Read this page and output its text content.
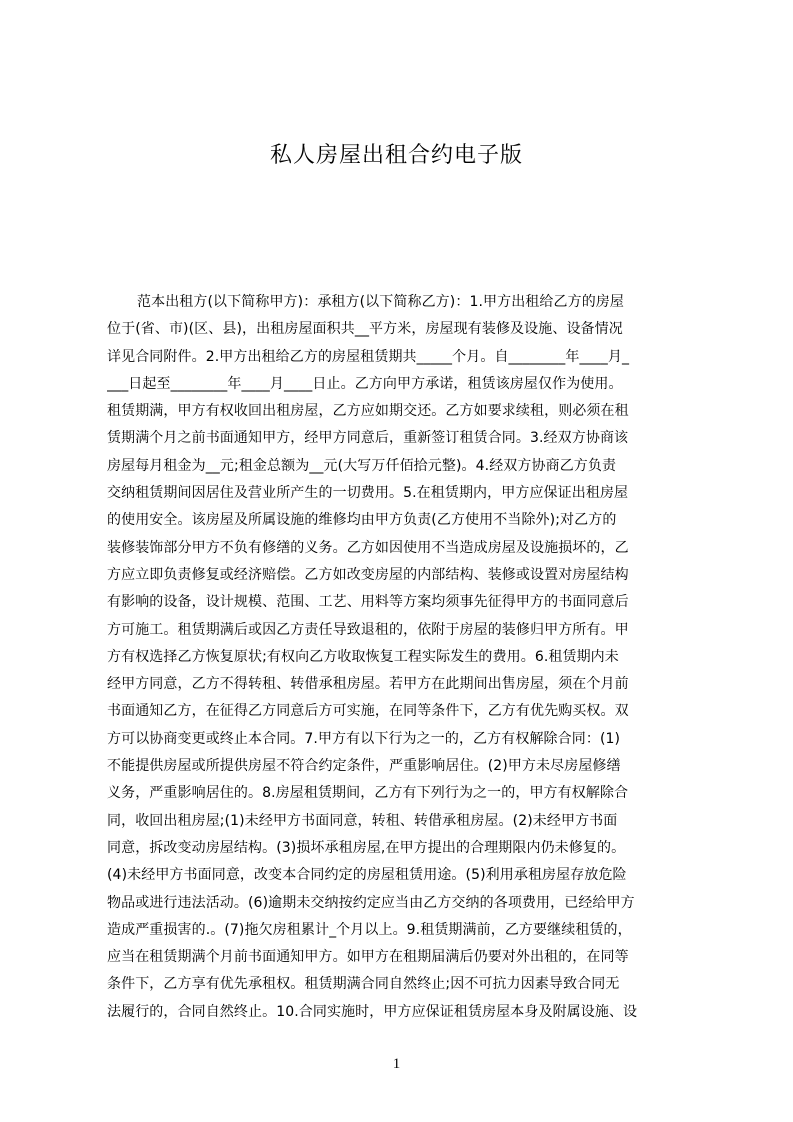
私人房屋出租合约电子版
范本出租方(以下简称甲方)：承租方(以下简称乙方)：1.甲方出租给乙方的房屋
位于(省、市)(区、县)，出租房屋面积共__平方米，房屋现有装修及设施、设备情况
详见合同附件。2.甲方出租给乙方的房屋租赁期共_____个月。自________年____月_
___日起至________年____月____日止。乙方向甲方承诺，租赁该房屋仅作为使用。
租赁期满，甲方有权收回出租房屋，乙方应如期交还。乙方如要求续租，则必须在租
赁期满个月之前书面通知甲方，经甲方同意后，重新签订租赁合同。3.经双方协商该
房屋每月租金为__元;租金总额为__元(大写万仟佰拾元整)。4.经双方协商乙方负责
交纳租赁期间因居住及营业所产生的一切费用。5.在租赁期内，甲方应保证出租房屋
的使用安全。该房屋及所属设施的维修均由甲方负责(乙方使用不当除外);对乙方的
装修装饰部分甲方不负有修缮的义务。乙方如因使用不当造成房屋及设施损坏的，乙
方应立即负责修复或经济赔偿。乙方如改变房屋的内部结构、装修或设置对房屋结构
有影响的设备，设计规模、范围、工艺、用料等方案均须事先征得甲方的书面同意后
方可施工。租赁期满后或因乙方责任导致退租的，依附于房屋的装修归甲方所有。甲
方有权选择乙方恢复原状;有权向乙方收取恢复工程实际发生的费用。6.租赁期内未
经甲方同意，乙方不得转租、转借承租房屋。若甲方在此期间出售房屋，须在个月前
书面通知乙方，在征得乙方同意后方可实施，在同等条件下，乙方有优先购买权。双
方可以协商变更或终止本合同。7.甲方有以下行为之一的，乙方有权解除合同：(1)
不能提供房屋或所提供房屋不符合约定条件，严重影响居住。(2)甲方未尽房屋修缮
义务，严重影响居住的。8.房屋租赁期间，乙方有下列行为之一的，甲方有权解除合
同，收回出租房屋;(1)未经甲方书面同意，转租、转借承租房屋。(2)未经甲方书面
同意，拆改变动房屋结构。(3)损坏承租房屋,在甲方提出的合理期限内仍未修复的。
(4)未经甲方书面同意，改变本合同约定的房屋租赁用途。(5)利用承租房屋存放危险
物品或进行违法活动。(6)逾期未交纳按约定应当由乙方交纳的各项费用，已经给甲方
造成严重损害的.。(7)拖欠房租累计_个月以上。9.租赁期满前，乙方要继续租赁的，
应当在租赁期满个月前书面通知甲方。如甲方在租期届满后仍要对外出租的，在同等
条件下，乙方享有优先承租权。租赁期满合同自然终止;因不可抗力因素导致合同无
法履行的，合同自然终止。10.合同实施时，甲方应保证租赁房屋本身及附属设施、设
1
